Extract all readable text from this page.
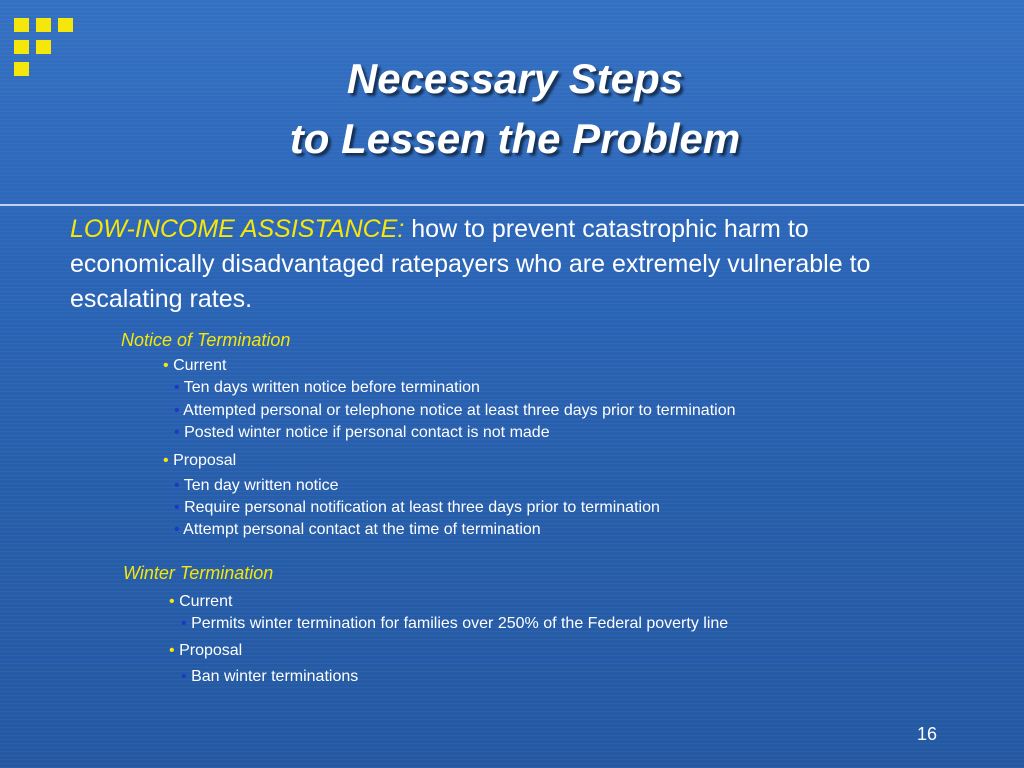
Necessary Steps
to Lessen the Problem
LOW-INCOME ASSISTANCE: how to prevent catastrophic harm to economically disadvantaged ratepayers who are extremely vulnerable to escalating rates.
Notice of Termination
• Current
• Ten days written notice before termination
• Attempted personal or telephone notice at least three days prior to termination
• Posted winter notice if personal contact is not made
• Proposal
• Ten day written notice
• Require personal notification at least three days prior to termination
• Attempt personal contact at the time of termination
Winter Termination
• Current
• Permits winter termination for families over 250% of the Federal poverty line
• Proposal
• Ban winter terminations
16
